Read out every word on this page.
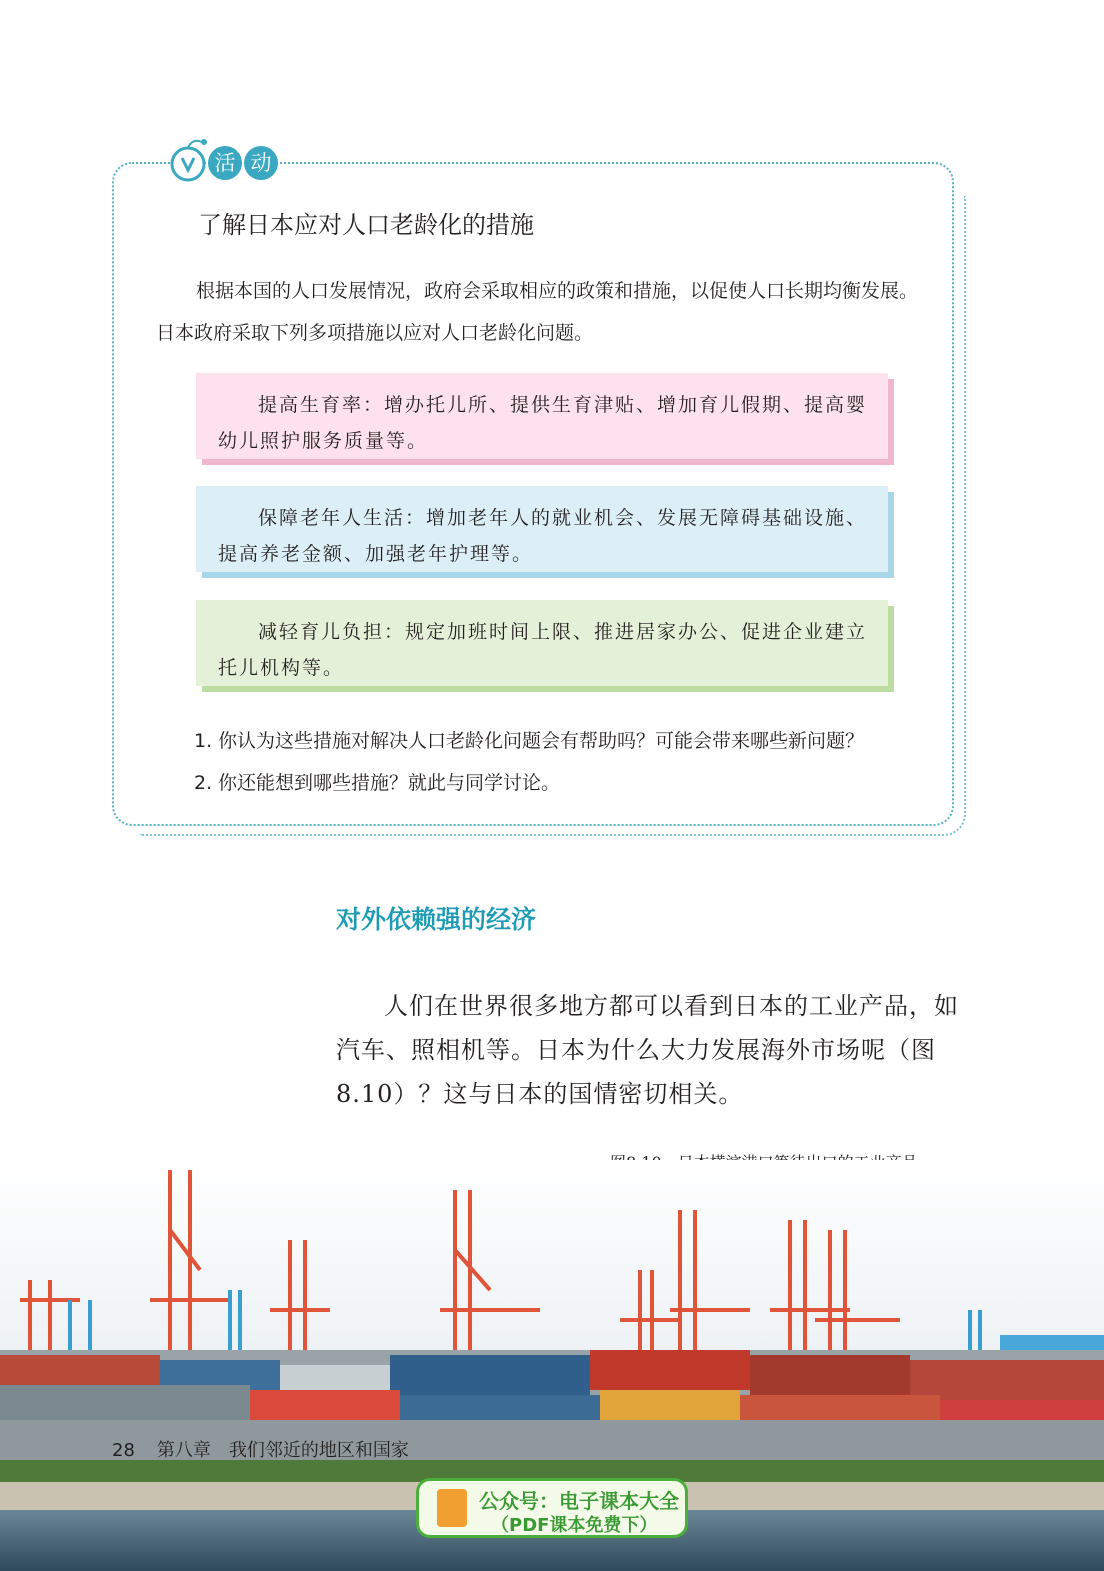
活 动
了解日本应对人口老龄化的措施
根据本国的人口发展情况，政府会采取相应的政策和措施，以促使人口长期均衡发展。日本政府采取下列多项措施以应对人口老龄化问题。
提高生育率：增办托儿所、提供生育津贴、增加育儿假期、提高婴幼儿照护服务质量等。
保障老年人生活：增加老年人的就业机会、发展无障碍基础设施、提高养老金额、加强老年护理等。
减轻育儿负担：规定加班时间上限、推进居家办公、促进企业建立托儿机构等。
1. 你认为这些措施对解决人口老龄化问题会有帮助吗？可能会带来哪些新问题？
2. 你还能想到哪些措施？就此与同学讨论。
对外依赖强的经济
人们在世界很多地方都可以看到日本的工业产品，如汽车、照相机等。日本为什么大力发展海外市场呢（图8.10）？这与日本的国情密切相关。
28 第八章　我们邻近的地区和国家
公众号：电子课本大全
（PDF课本免费下）
